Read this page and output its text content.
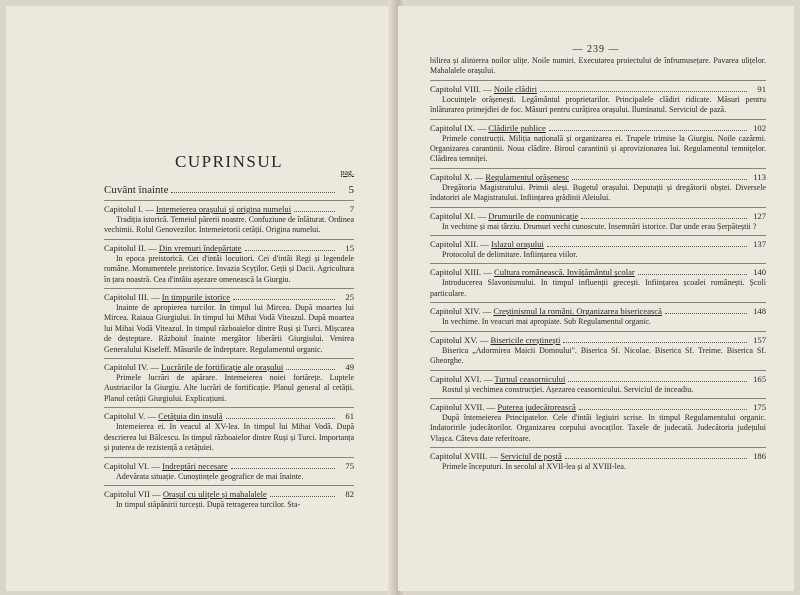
CUPRINSUL
pag.
Cuvânt înainte	5
Capitolul I. — Intemeierea orașului și origina numelui	7

Tradiția istorică. Temeiul părerii noastre. Confuziune de înlăturat. Ordinea vechimii. Rolul Genovezilor. Intemeietorii cetății. Origina numelui.

Capitolul II. — Din vremuri îndepărtate	15

In epoca preistorică. Cei d'intâi locuitori. Cei d'intâi Regi și legendele române. Monumentele preistorice. Invazia Scyților. Geții și Dacii. Agricultura în țara noastră. Cea d'intâiu așezare omenească la Giurgiu.

Capitolul III. — In timpurile istorice	25

Inainte de apropierea turcilor. In timpul lui Mircea. După moartea lui Mircea. Raiaua Giurgiului. In timpul lui Mihai Vodă Viteazul. După moartea lui Mihai Vodă Viteazul. In timpul războaielor dintre Ruși și Turci. Mișcarea de deșteptare. Războiul înainte mergător liberării Giurgiului. Venirea Generalului Kiseleff. Măsurile de îndreptare. Regulamentul organic.

Capitolul IV. — Lucrările de fortificație ale orașului	49

Primele lucrări de apărare. Intemeierea noiei fortărețe. Luptele Austriacilor la Giurgiu. Alte lucrări de fortificație. Planul general al cetății. Planul cetății Giurgiului. Explicațiuni.

Capitolul V. — Cetățuia din insulă	61

Intemeierea ei. In veacul al XV-lea. In timpul lui Mihai Vodă. După descrierea lui Bălcescu. In timpul războaielor dintre Ruși și Turci. Importanța și puterea de rezistență a cetățuiei.

Capitolul VI. — Indreptări necesare	75

Adevărata situație. Cunoștințele geografice de mai înainte.

Capitolul VII — Orașul cu ulițele și mahalalele	82

In timpul stăpânirii turcești. După retragerea turcilor. Sta-

— 239 —

bilirea și alinierea noilor ulițe. Noile numiri. Executarea proiectului de înfrumusețare. Pavarea ulițelor. Mahalalele orașului.

Capitolul VIII. — Noile clădiri	91

Locuințele orășenești. Legământul proprietarilor. Principalele clădiri ridicate. Măsuri pentru înlăturarea primejdiei de foc. Măsuri pentru curățirea orașului. Iluminatul. Serviciul de pază.

Capitolul IX. — Clădirile publice	102

Primele construcții. Miliția națională și organizarea ei. Trupele trimise la Giurgiu. Noile cazărmi. Organizarea carantinii. Noua clădire. Biroul carantinii și aprovizionarea lui. Regulamentul temnițelor. Clădirea temniței.

Capitolul X. — Regulamentul orășenesc	113

Dregătoria Magistratului. Primii aleși. Bugetul orașului. Deputații și dregătorii obștei. Diversele îndatoriri ale Magistratului. Inființarea grădinii Aleiului.

Capitolul XI. — Drumurile de comunicație	127

In vechime și mai târziu. Drumuri vechi cunoscute. Insemnări istorice. Dar unde erau Șerpăteștii ?

Capitolul XII. — Islazul orașului	137

Protocolul de delimitare. Inființarea viilor.

Capitolul XIII. — Cultura românească. Invățământul școlar	140

Introducerea Slavonismului. In timpul influenții grecești. Inființarea școalei românești. Școli particulare.

Capitolul XIV. — Creștinismul la români. Organizarea bisericească	148

In vechime. In veacuri mai apropiate. Sub Regulamentul organic.

Capitolul XV. — Bisericile creștinești	157

Biserica „Adormirea Maicii Domnului". Biserica Sf. Nicolae. Biserica Sf. Treime. Biserica Sf. Gheorghe.

Capitolul XVI. — Turnul ceasornicului	165

Rostul și vechimea construcției. Așezarea ceasornicului. Serviciul de inceadiu.

Capitolul XVII. — Puterea judecătorească	175

După întemeierea Principatelor. Cele d'intâi legiuiri scrise. In timpul Regulamentului organic. Indatoririle judecătorilor. Organizarea corpului avocaților. Taxele de judecată. Judecătoria județului Vlașca. Câteva date referitoare.

Capitolul XVIII. — Serviciul de poștă	186

Primele începuturi. In secolul al XVII-lea și al XVIII-lea.
